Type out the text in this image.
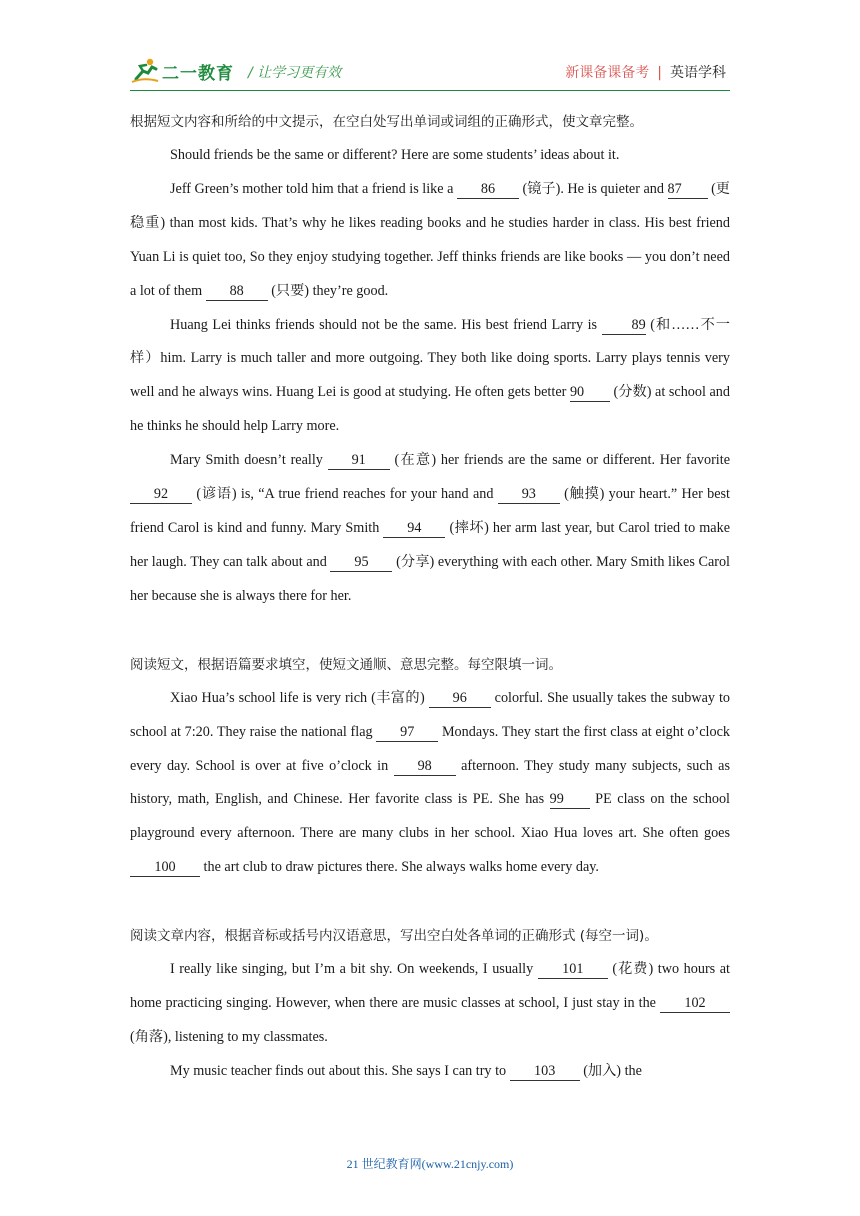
二一教育 / 让学习更有效	新课备课备考 | 英语学科

根据短文内容和所给的中文提示，在空白处写出单词或词组的正确形式，使文章完整。

Should friends be the same or different? Here are some students’ ideas about it.

Jeff Green’s mother told him that a friend is like a 86 (镜子). He is quieter and 87 (更稳重) than most kids. That’s why he likes reading books and he studies harder in class. His best friend Yuan Li is quiet too, So they enjoy studying together. Jeff thinks friends are like books — you don’t need a lot of them 88 (只要) they’re good.

Huang Lei thinks friends should not be the same. His best friend Larry is 89 (和……不一样）him. Larry is much taller and more outgoing. They both like doing sports. Larry plays tennis very well and he always wins. Huang Lei is good at studying. He often gets better 90 (分数) at school and he thinks he should help Larry more.

Mary Smith doesn’t really 91 (在意) her friends are the same or different. Her favorite 92 (谚语) is, “A true friend reaches for your hand and 93 (触摸) your heart.” Her best friend Carol is kind and funny. Mary Smith 94 (摔坏) her arm last year, but Carol tried to make her laugh. They can talk about and 95 (分享) everything with each other. Mary Smith likes Carol her because she is always there for her.

阅读短文，根据语篇要求填空，使短文通顺、意思完整。每空限填一词。

Xiao Hua’s school life is very rich (丰富的) 96 colorful. She usually takes the subway to school at 7:20. They raise the national flag 97 Mondays. They start the first class at eight o’clock every day. School is over at five o’clock in 98 afternoon. They study many subjects, such as history, math, English, and Chinese. Her favorite class is PE. She has 99 PE class on the school playground every afternoon. There are many clubs in her school. Xiao Hua loves art. She often goes 100 the art club to draw pictures there. She always walks home every day.

阅读文章内容，根据音标或括号内汉语意思，写出空白处各单词的正确形式 (每空一词)。

I really like singing, but I’m a bit shy. On weekends, I usually 101 (花费) two hours at home practicing singing. However, when there are music classes at school, I just stay in the 102 (角落), listening to my classmates.

My music teacher finds out about this. She says I can try to 103 (加入) the

21 世纪教育网(www.21cnjy.com)
